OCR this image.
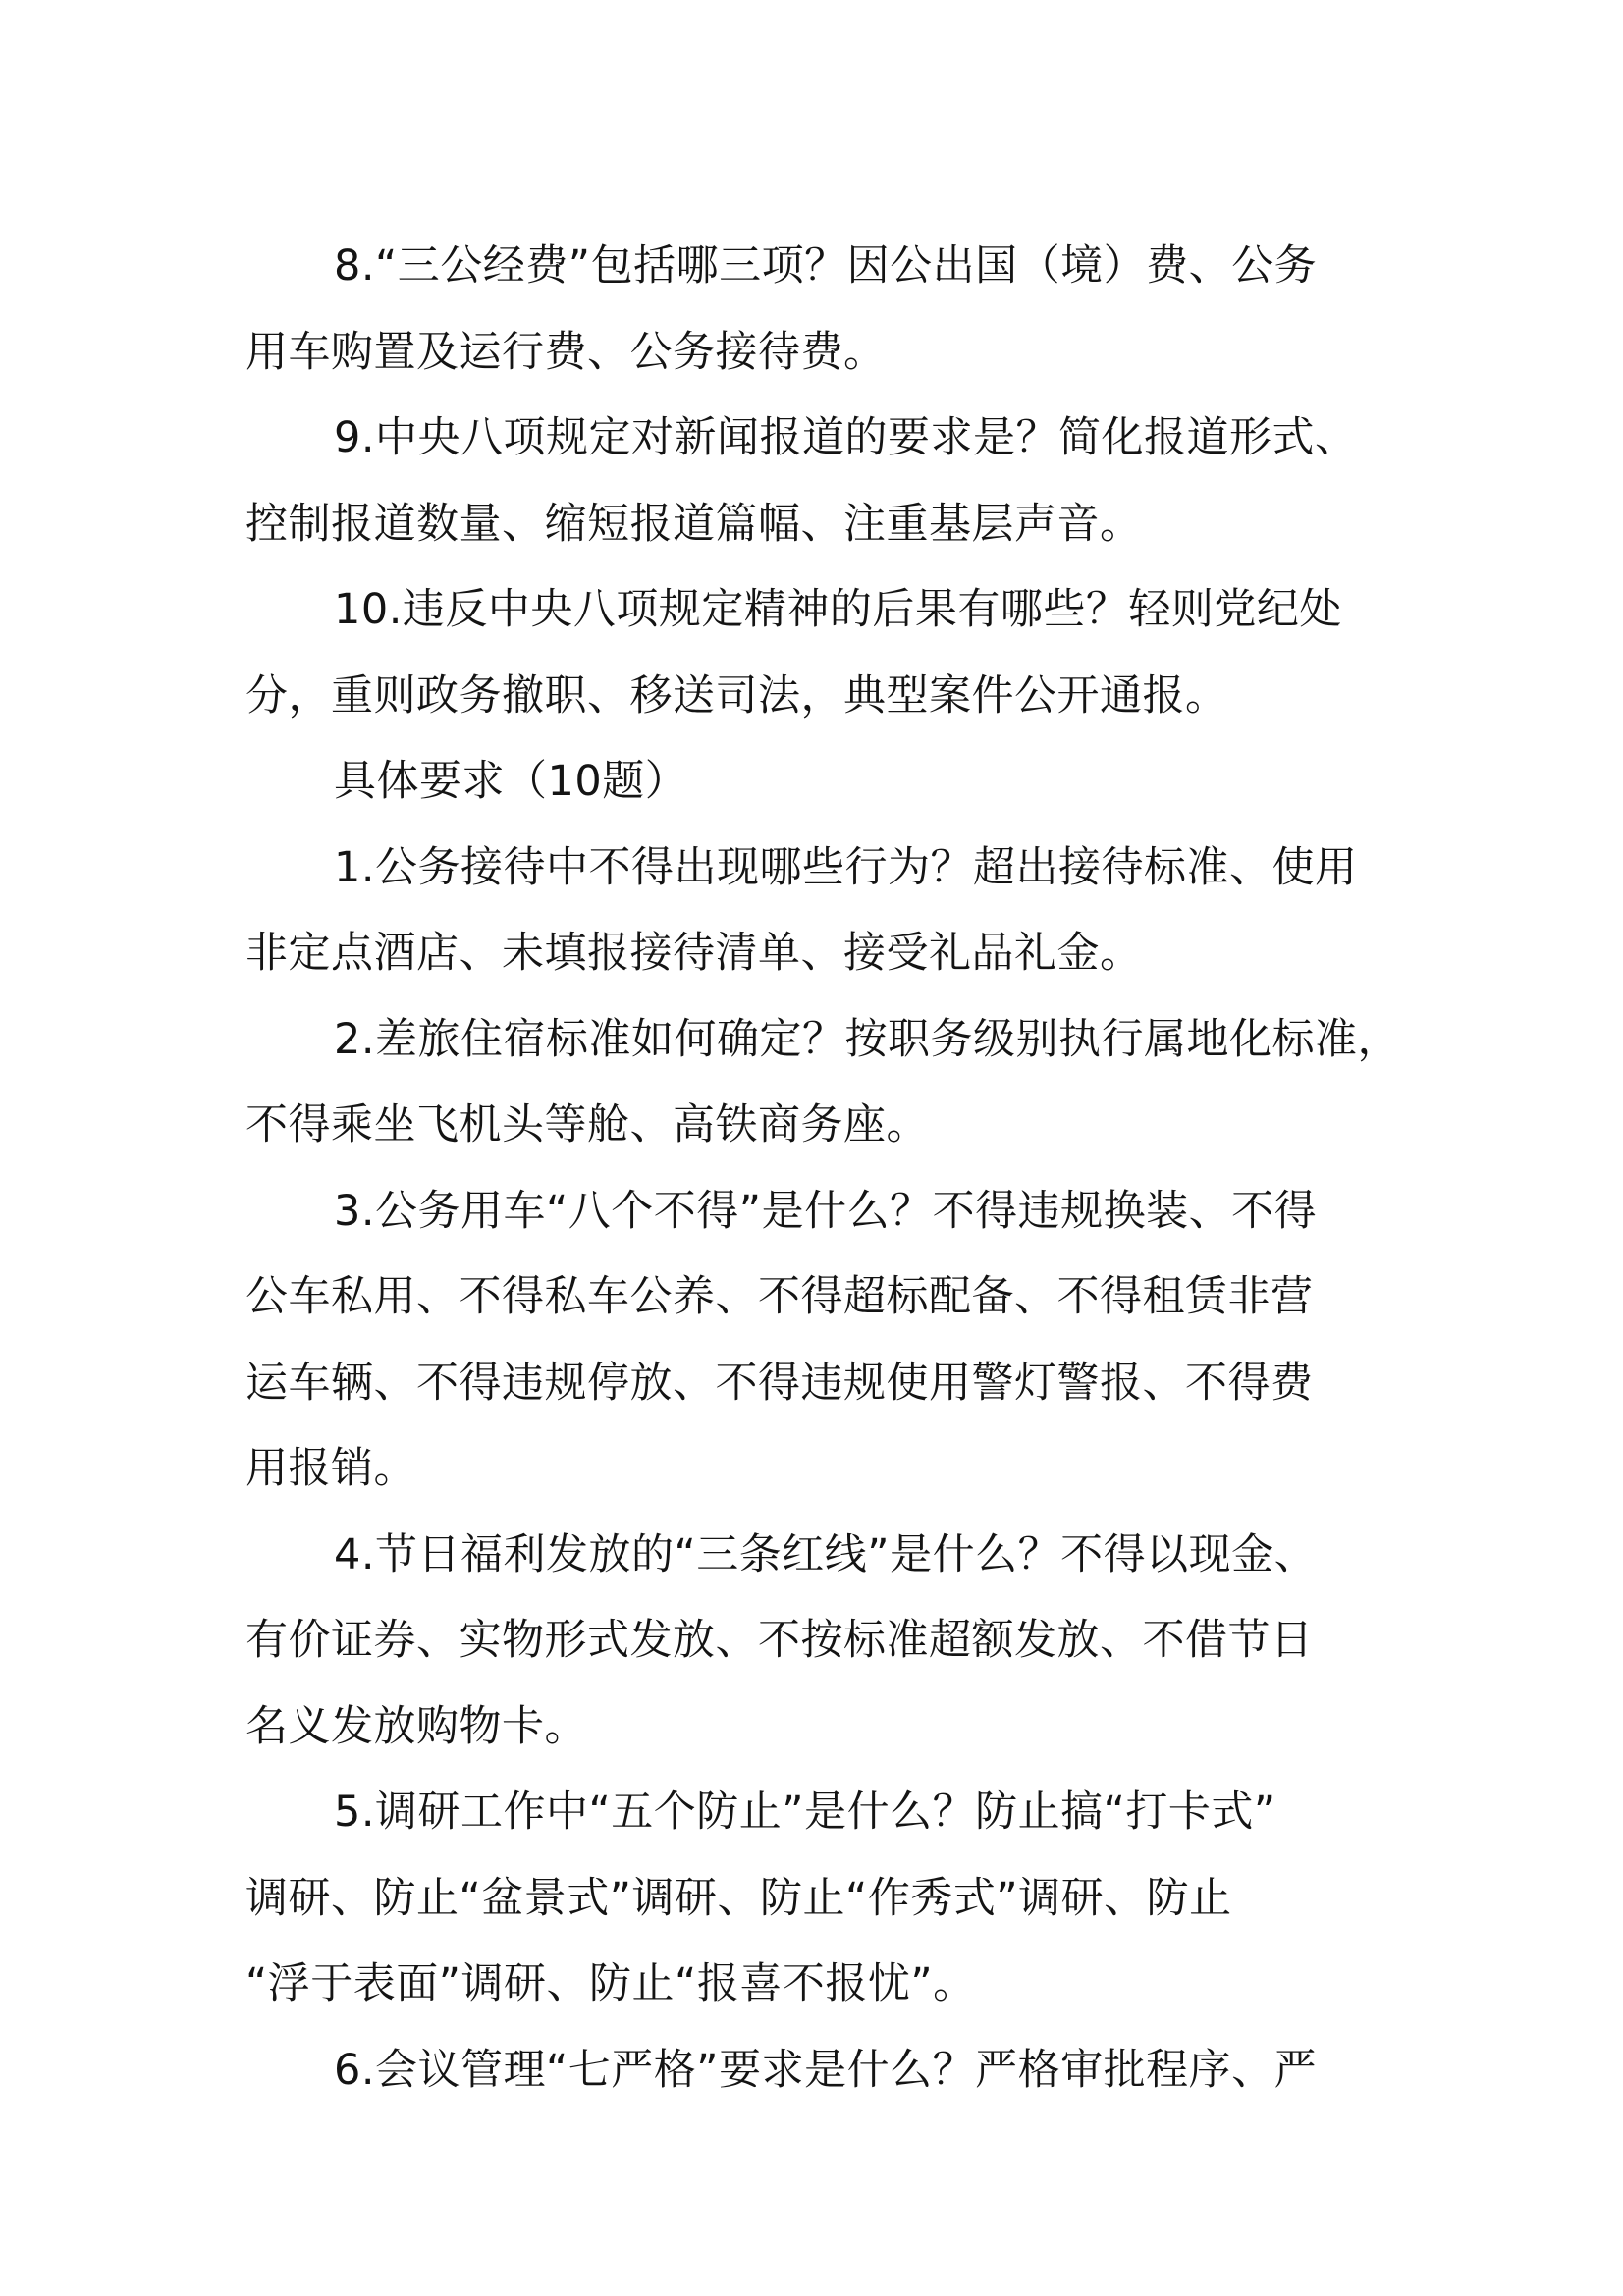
8.“三公经费”包括哪三项？因公出国（境）费、公务
用车购置及运行费、公务接待费。

9.中央八项规定对新闻报道的要求是？简化报道形式、
控制报道数量、缩短报道篇幅、注重基层声音。

10.违反中央八项规定精神的后果有哪些？轻则党纪处
分，重则政务撤职、移送司法，典型案件公开通报。

具体要求（10题）

1.公务接待中不得出现哪些行为？超出接待标准、使用
非定点酒店、未填报接待清单、接受礼品礼金。

2.差旅住宿标准如何确定？按职务级别执行属地化标准，
不得乘坐飞机头等舱、高铁商务座。

3.公务用车“八个不得”是什么？不得违规换装、不得
公车私用、不得私车公养、不得超标配备、不得租赁非营
运车辆、不得违规停放、不得违规使用警灯警报、不得费
用报销。

4.节日福利发放的“三条红线”是什么？不得以现金、
有价证券、实物形式发放、不按标准超额发放、不借节日
名义发放购物卡。

5.调研工作中“五个防止”是什么？防止搞“打卡式”
调研、防止“盆景式”调研、防止“作秀式”调研、防止
“浮于表面”调研、防止“报喜不报忧”。

6.会议管理“七严格”要求是什么？严格审批程序、严
